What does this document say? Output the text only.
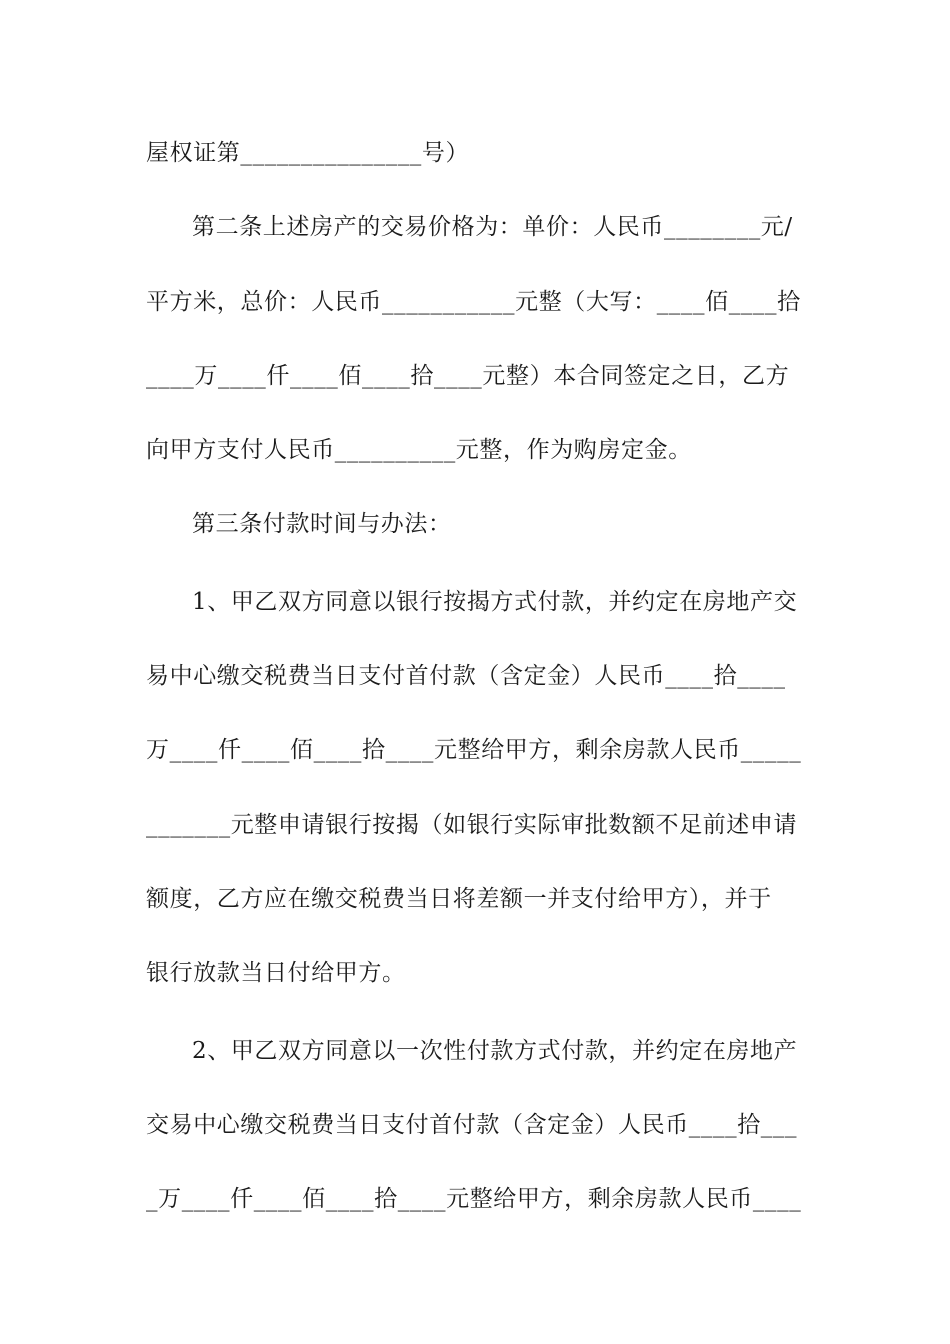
屋权证第_______________号）
第二条上述房产的交易价格为：单价：人民币________元/
平方米，总价：人民币___________元整（大写：____佰____拾
____万____仟____佰____拾____元整）本合同签定之日，乙方
向甲方支付人民币__________元整，作为购房定金。
第三条付款时间与办法：
1、甲乙双方同意以银行按揭方式付款，并约定在房地产交
易中心缴交税费当日支付首付款（含定金）人民币____拾____
万____仟____佰____拾____元整给甲方，剩余房款人民币_____
_______元整申请银行按揭（如银行实际审批数额不足前述申请
额度，乙方应在缴交税费当日将差额一并支付给甲方），并于
银行放款当日付给甲方。
2、甲乙双方同意以一次性付款方式付款，并约定在房地产
交易中心缴交税费当日支付首付款（含定金）人民币____拾___
_万____仟____佰____拾____元整给甲方，剩余房款人民币____
